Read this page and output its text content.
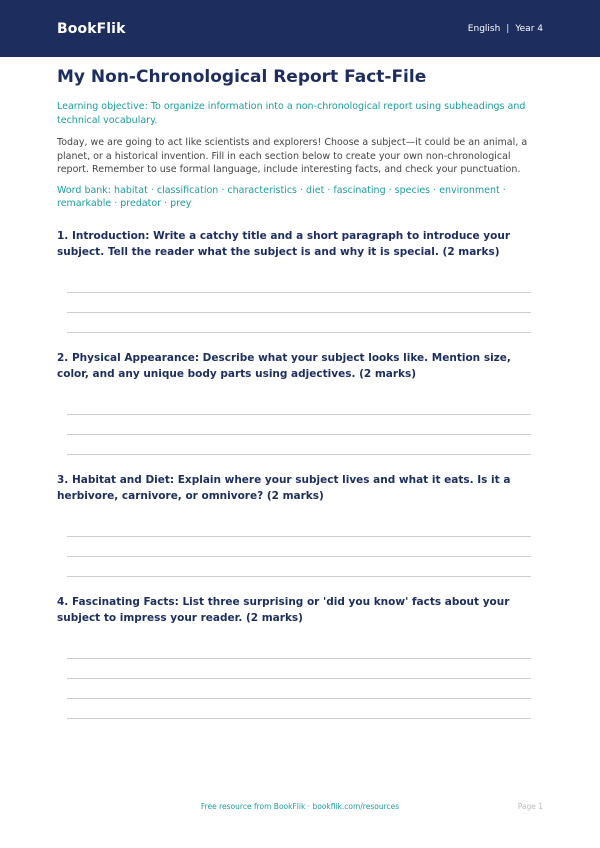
BookFlik	English | Year 4
My Non-Chronological Report Fact-File

Learning objective: To organize information into a non-chronological report using subheadings and technical vocabulary.

Today, we are going to act like scientists and explorers! Choose a subject—it could be an animal, a planet, or a historical invention. Fill in each section below to create your own non-chronological report. Remember to use formal language, include interesting facts, and check your punctuation.

Word bank: habitat · classification · characteristics · diet · fascinating · species · environment · remarkable · predator · prey

1. Introduction: Write a catchy title and a short paragraph to introduce your subject. Tell the reader what the subject is and why it is special. (2 marks)

2. Physical Appearance: Describe what your subject looks like. Mention size, color, and any unique body parts using adjectives. (2 marks)

3. Habitat and Diet: Explain where your subject lives and what it eats. Is it a herbivore, carnivore, or omnivore? (2 marks)

4. Fascinating Facts: List three surprising or 'did you know' facts about your subject to impress your reader. (2 marks)

Free resource from BookFlik · bookflik.com/resources	Page 1
